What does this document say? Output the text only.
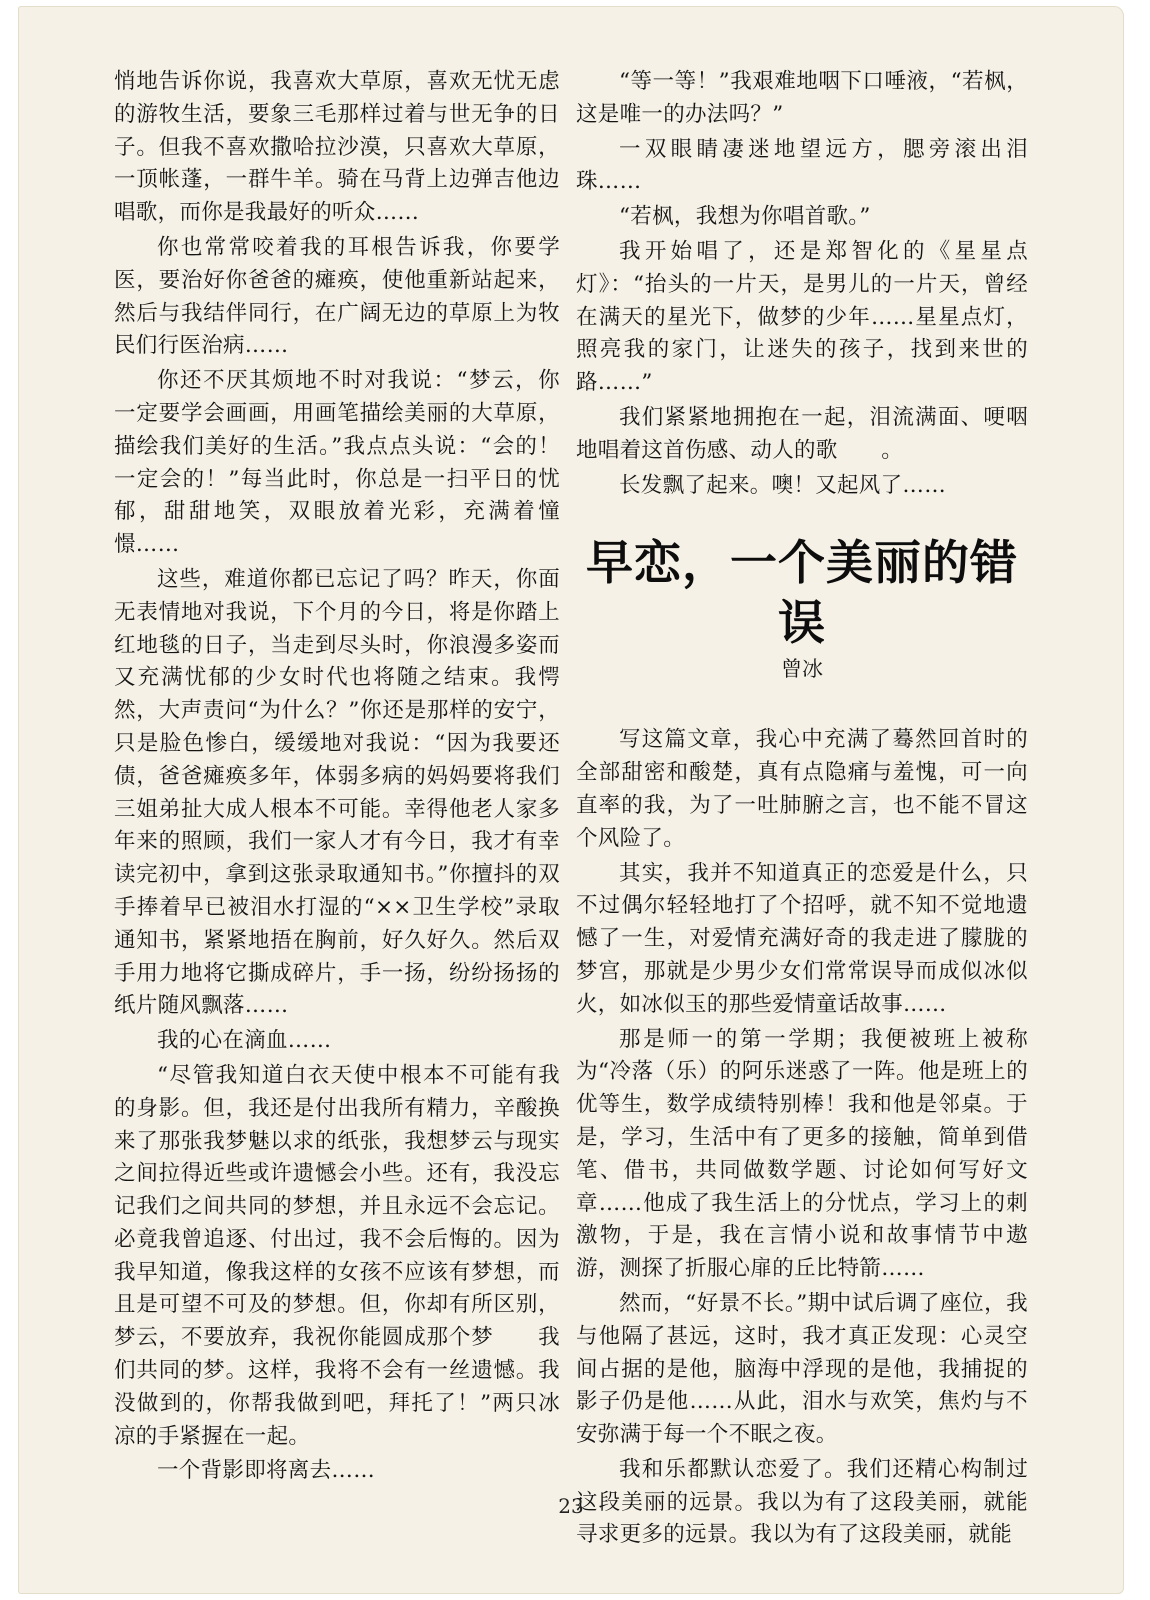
悄地告诉你说，我喜欢大草原，喜欢无忧无虑的游牧生活，要象三毛那样过着与世无争的日子。但我不喜欢撒哈拉沙漠，只喜欢大草原，一顶帐蓬，一群牛羊。骑在马背上边弹吉他边唱歌，而你是我最好的听众……

你也常常咬着我的耳根告诉我，你要学医，要治好你爸爸的瘫痪，使他重新站起来，然后与我结伴同行，在广阔无边的草原上为牧民们行医治病……

你还不厌其烦地不时对我说：“梦云，你一定要学会画画，用画笔描绘美丽的大草原，描绘我们美好的生活。”我点点头说：“会的！一定会的！”每当此时，你总是一扫平日的忧郁，甜甜地笑，双眼放着光彩，充满着憧憬……

这些，难道你都已忘记了吗？昨天，你面无表情地对我说，下个月的今日，将是你踏上红地毯的日子，当走到尽头时，你浪漫多姿而又充满忧郁的少女时代也将随之结束。我愕然，大声责问“为什么？”你还是那样的安宁，只是脸色惨白，缓缓地对我说：“因为我要还债，爸爸瘫痪多年，体弱多病的妈妈要将我们三姐弟扯大成人根本不可能。幸得他老人家多年来的照顾，我们一家人才有今日，我才有幸读完初中，拿到这张录取通知书。”你擅抖的双手捧着早已被泪水打湿的“××卫生学校”录取通知书，紧紧地捂在胸前，好久好久。然后双手用力地将它撕成碎片，手一扬，纷纷扬扬的纸片随风飘落……

我的心在滴血……

“尽管我知道白衣天使中根本不可能有我的身影。但，我还是付出我所有精力，辛酸换来了那张我梦魅以求的纸张，我想梦云与现实之间拉得近些或许遗憾会小些。还有，我没忘记我们之间共同的梦想，并且永远不会忘记。必竟我曾追逐、付出过，我不会后悔的。因为我早知道，像我这样的女孩不应该有梦想，而且是可望不可及的梦想。但，你却有所区别，梦云，不要放弃，我祝你能圆成那个梦　　我们共同的梦。这样，我将不会有一丝遗憾。我没做到的，你帮我做到吧，拜托了！”两只冰凉的手紧握在一起。

一个背影即将离去……

“等一等！”我艰难地咽下口唾液，“若枫，这是唯一的办法吗？”

一双眼睛凄迷地望远方，腮旁滚出泪珠……

“若枫，我想为你唱首歌。”

我开始唱了，还是郑智化的《星星点灯》：“抬头的一片天，是男儿的一片天，曾经在满天的星光下，做梦的少年……星星点灯，照亮我的家门，让迷失的孩子，找到来世的路……”

我们紧紧地拥抱在一起，泪流满面、哽咽地唱着这首伤感、动人的歌　　。

长发飘了起来。噢！又起风了……

早恋，一个美丽的错误

曾冰

写这篇文章，我心中充满了蓦然回首时的全部甜密和酸楚，真有点隐痛与羞愧，可一向直率的我，为了一吐肺腑之言，也不能不冒这个风险了。

其实，我并不知道真正的恋爱是什么，只不过偶尔轻轻地打了个招呼，就不知不觉地遗憾了一生，对爱情充满好奇的我走进了朦胧的梦宫，那就是少男少女们常常误导而成似冰似火，如冰似玉的那些爱情童话故事……

那是师一的第一学期；我便被班上被称为“冷落（乐）的阿乐迷惑了一阵。他是班上的优等生，数学成绩特别棒！我和他是邻桌。于是，学习，生活中有了更多的接触，简单到借笔、借书，共同做数学题、讨论如何写好文章……他成了我生活上的分忧点，学习上的刺激物，于是，我在言情小说和故事情节中遨游，测探了折服心扉的丘比特箭……

然而，“好景不长。”期中试后调了座位，我与他隔了甚远，这时，我才真正发现：心灵空间占据的是他，脑海中浮现的是他，我捕捉的影子仍是他……从此，泪水与欢笑，焦灼与不安弥满于每一个不眠之夜。

我和乐都默认恋爱了。我们还精心构制过这段美丽的远景。我以为有了这段美丽，就能寻求更多的远景。我以为有了这段美丽，就能

23
